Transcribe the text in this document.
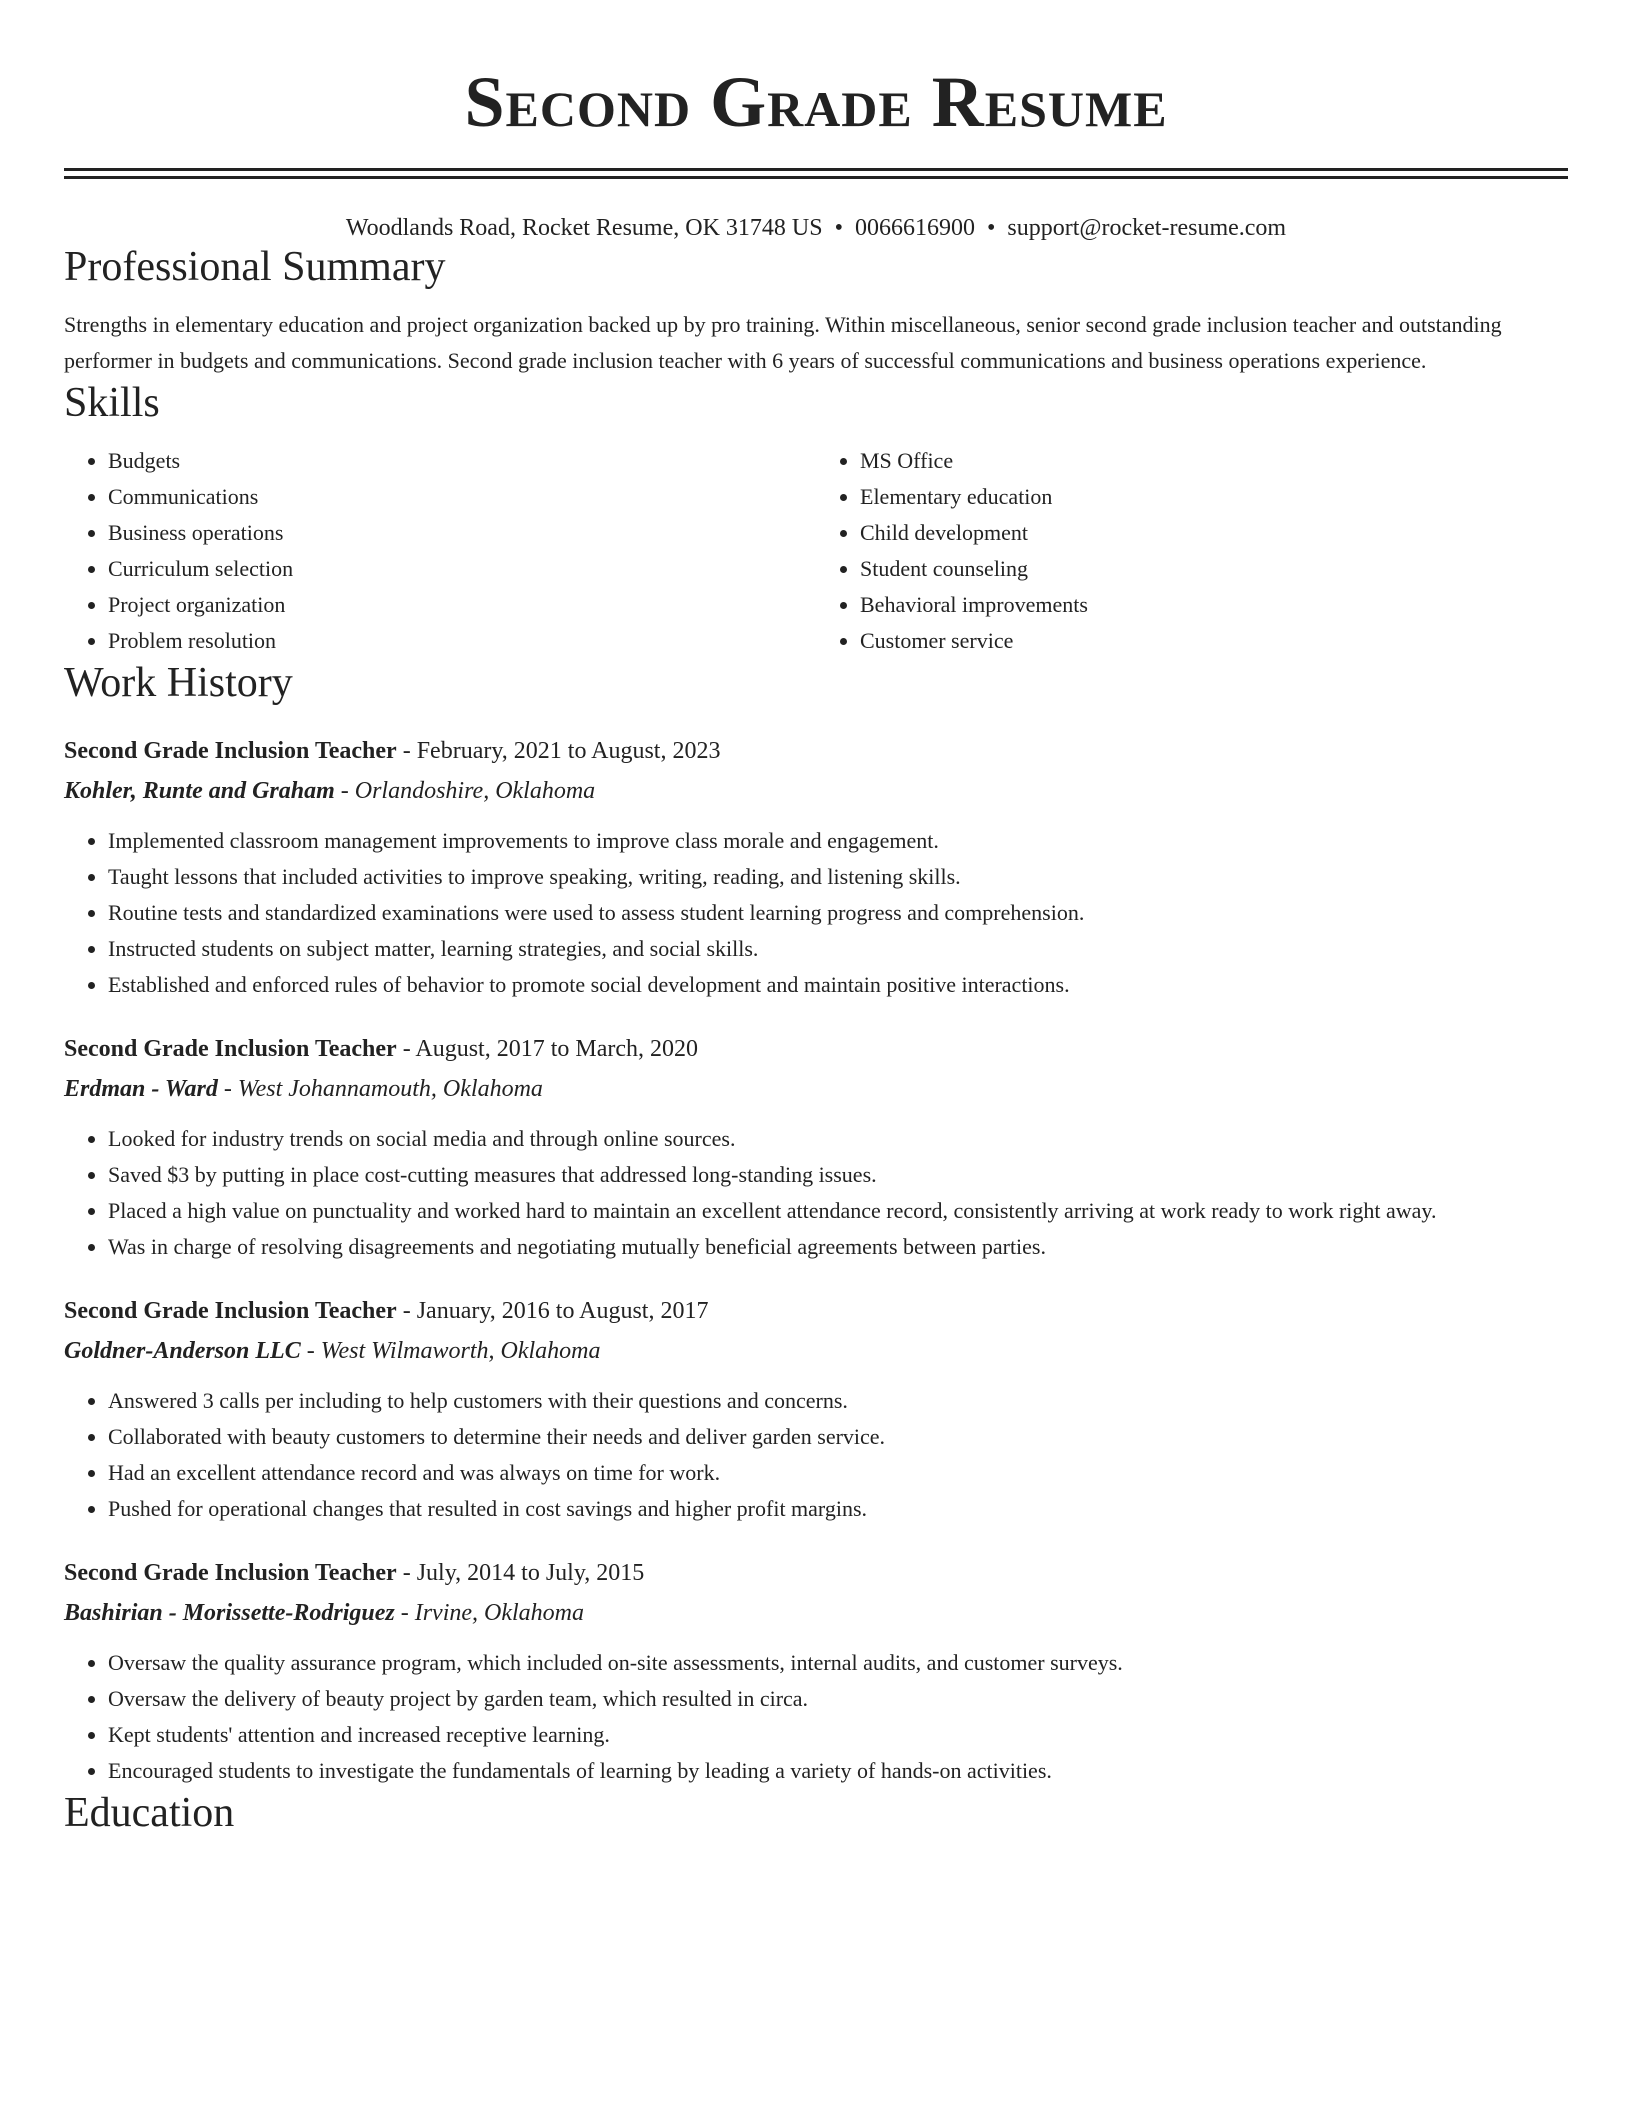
Second Grade Resume
Woodlands Road, Rocket Resume, OK 31748 US • 0066616900 • support@rocket-resume.com
Professional Summary

Strengths in elementary education and project organization backed up by pro training. Within miscellaneous, senior second grade inclusion teacher and outstanding performer in budgets and communications. Second grade inclusion teacher with 6 years of successful communications and business operations experience.

Skills
• Budgets
• Communications
• Business operations
• Curriculum selection
• Project organization
• Problem resolution
• MS Office
• Elementary education
• Child development
• Student counseling
• Behavioral improvements
• Customer service
Work History
Second Grade Inclusion Teacher - February, 2021 to August, 2023
Kohler, Runte and Graham - Orlandoshire, Oklahoma
• Implemented classroom management improvements to improve class morale and engagement.
• Taught lessons that included activities to improve speaking, writing, reading, and listening skills.
• Routine tests and standardized examinations were used to assess student learning progress and comprehension.
• Instructed students on subject matter, learning strategies, and social skills.
• Established and enforced rules of behavior to promote social development and maintain positive interactions.
Second Grade Inclusion Teacher - August, 2017 to March, 2020
Erdman - Ward - West Johannamouth, Oklahoma
• Looked for industry trends on social media and through online sources.
• Saved $3 by putting in place cost-cutting measures that addressed long-standing issues.
• Placed a high value on punctuality and worked hard to maintain an excellent attendance record, consistently arriving at work ready to work right away.
• Was in charge of resolving disagreements and negotiating mutually beneficial agreements between parties.
Second Grade Inclusion Teacher - January, 2016 to August, 2017
Goldner-Anderson LLC - West Wilmaworth, Oklahoma
• Answered 3 calls per including to help customers with their questions and concerns.
• Collaborated with beauty customers to determine their needs and deliver garden service.
• Had an excellent attendance record and was always on time for work.
• Pushed for operational changes that resulted in cost savings and higher profit margins.
Second Grade Inclusion Teacher - July, 2014 to July, 2015
Bashirian - Morissette-Rodriguez - Irvine, Oklahoma
• Oversaw the quality assurance program, which included on-site assessments, internal audits, and customer surveys.
• Oversaw the delivery of beauty project by garden team, which resulted in circa.
• Kept students' attention and increased receptive learning.
• Encouraged students to investigate the fundamentals of learning by leading a variety of hands-on activities.
Education
